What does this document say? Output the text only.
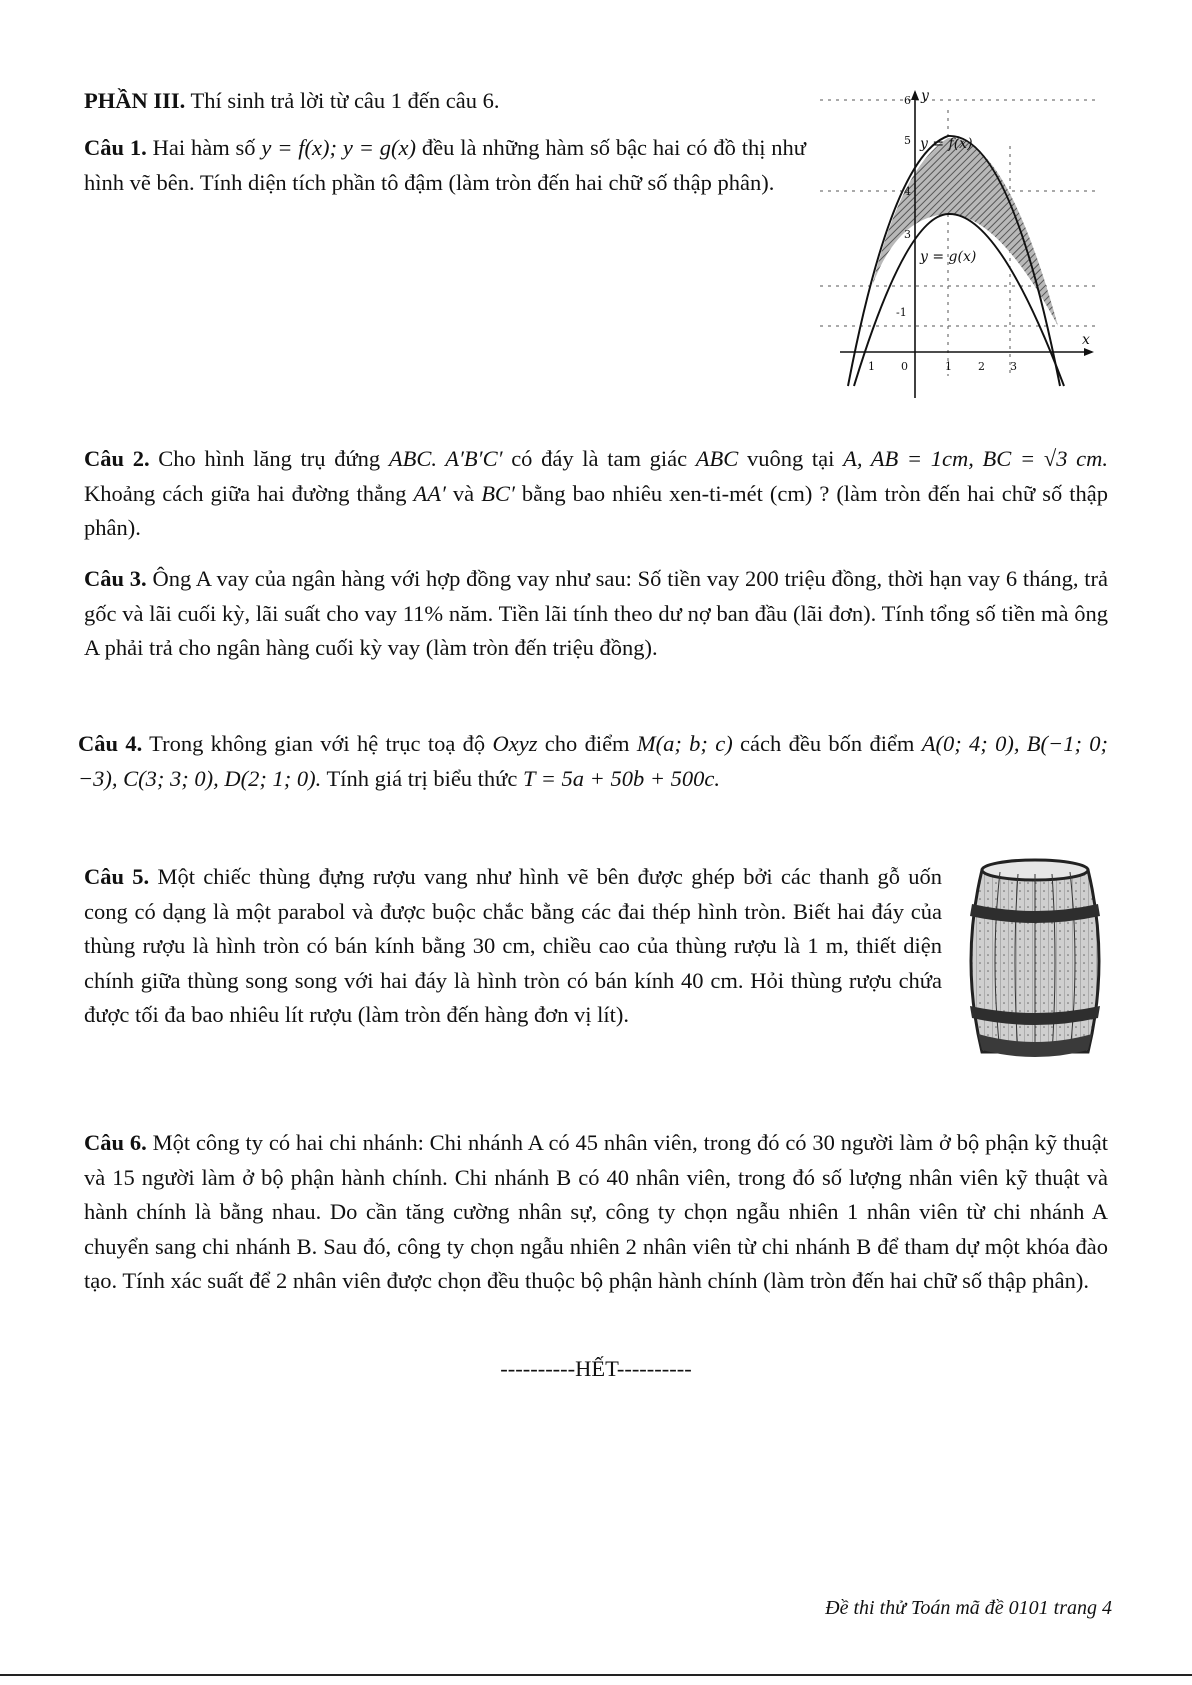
PHẦN III. Thí sinh trả lời từ câu 1 đến câu 6.

Câu 1. Hai hàm số y = f(x); y = g(x) đều là những hàm số bậc hai có đồ thị như hình vẽ bên. Tính diện tích phần tô đậm (làm tròn đến hai chữ số thập phân).

y
x
6
5
4
3
-1
1 0	1 2 3
y = f(x)
y = g(x)

Câu 2. Cho hình lăng trụ đứng ABC. A′B′C′ có đáy là tam giác ABC vuông tại A, AB = 1cm, BC = √3 cm. Khoảng cách giữa hai đường thẳng AA′ và BC′ bằng bao nhiêu xen-ti-mét (cm) ? (làm tròn đến hai chữ số thập phân).

Câu 3. Ông A vay của ngân hàng với hợp đồng vay như sau: Số tiền vay 200 triệu đồng, thời hạn vay 6 tháng, trả gốc và lãi cuối kỳ, lãi suất cho vay 11% năm. Tiền lãi tính theo dư nợ ban đầu (lãi đơn). Tính tổng số tiền mà ông A phải trả cho ngân hàng cuối kỳ vay (làm tròn đến triệu đồng).

Câu 4. Trong không gian với hệ trục toạ độ Oxyz cho điểm M(a; b; c) cách đều bốn điểm A(0; 4; 0), B(−1; 0; −3), C(3; 3; 0), D(2; 1; 0). Tính giá trị biểu thức T = 5a + 50b + 500c.

Câu 5. Một chiếc thùng đựng rượu vang như hình vẽ bên được ghép bởi các thanh gỗ uốn cong có dạng là một parabol và được buộc chắc bằng các đai thép hình tròn. Biết hai đáy của thùng rượu là hình tròn có bán kính bằng 30 cm, chiều cao của thùng rượu là 1 m, thiết diện chính giữa thùng song song với hai đáy là hình tròn có bán kính 40 cm. Hỏi thùng rượu chứa được tối đa bao nhiêu lít rượu (làm tròn đến hàng đơn vị lít).

Câu 6. Một công ty có hai chi nhánh: Chi nhánh A có 45 nhân viên, trong đó có 30 người làm ở bộ phận kỹ thuật và 15 người làm ở bộ phận hành chính. Chi nhánh B có 40 nhân viên, trong đó số lượng nhân viên kỹ thuật và hành chính là bằng nhau. Do cần tăng cường nhân sự, công ty chọn ngẫu nhiên 1 nhân viên từ chi nhánh A chuyển sang chi nhánh B. Sau đó, công ty chọn ngẫu nhiên 2 nhân viên từ chi nhánh B để tham dự một khóa đào tạo. Tính xác suất để 2 nhân viên được chọn đều thuộc bộ phận hành chính (làm tròn đến hai chữ số thập phân).

----------HẾT----------
Đề thi thử Toán mã đề 0101 trang 4
